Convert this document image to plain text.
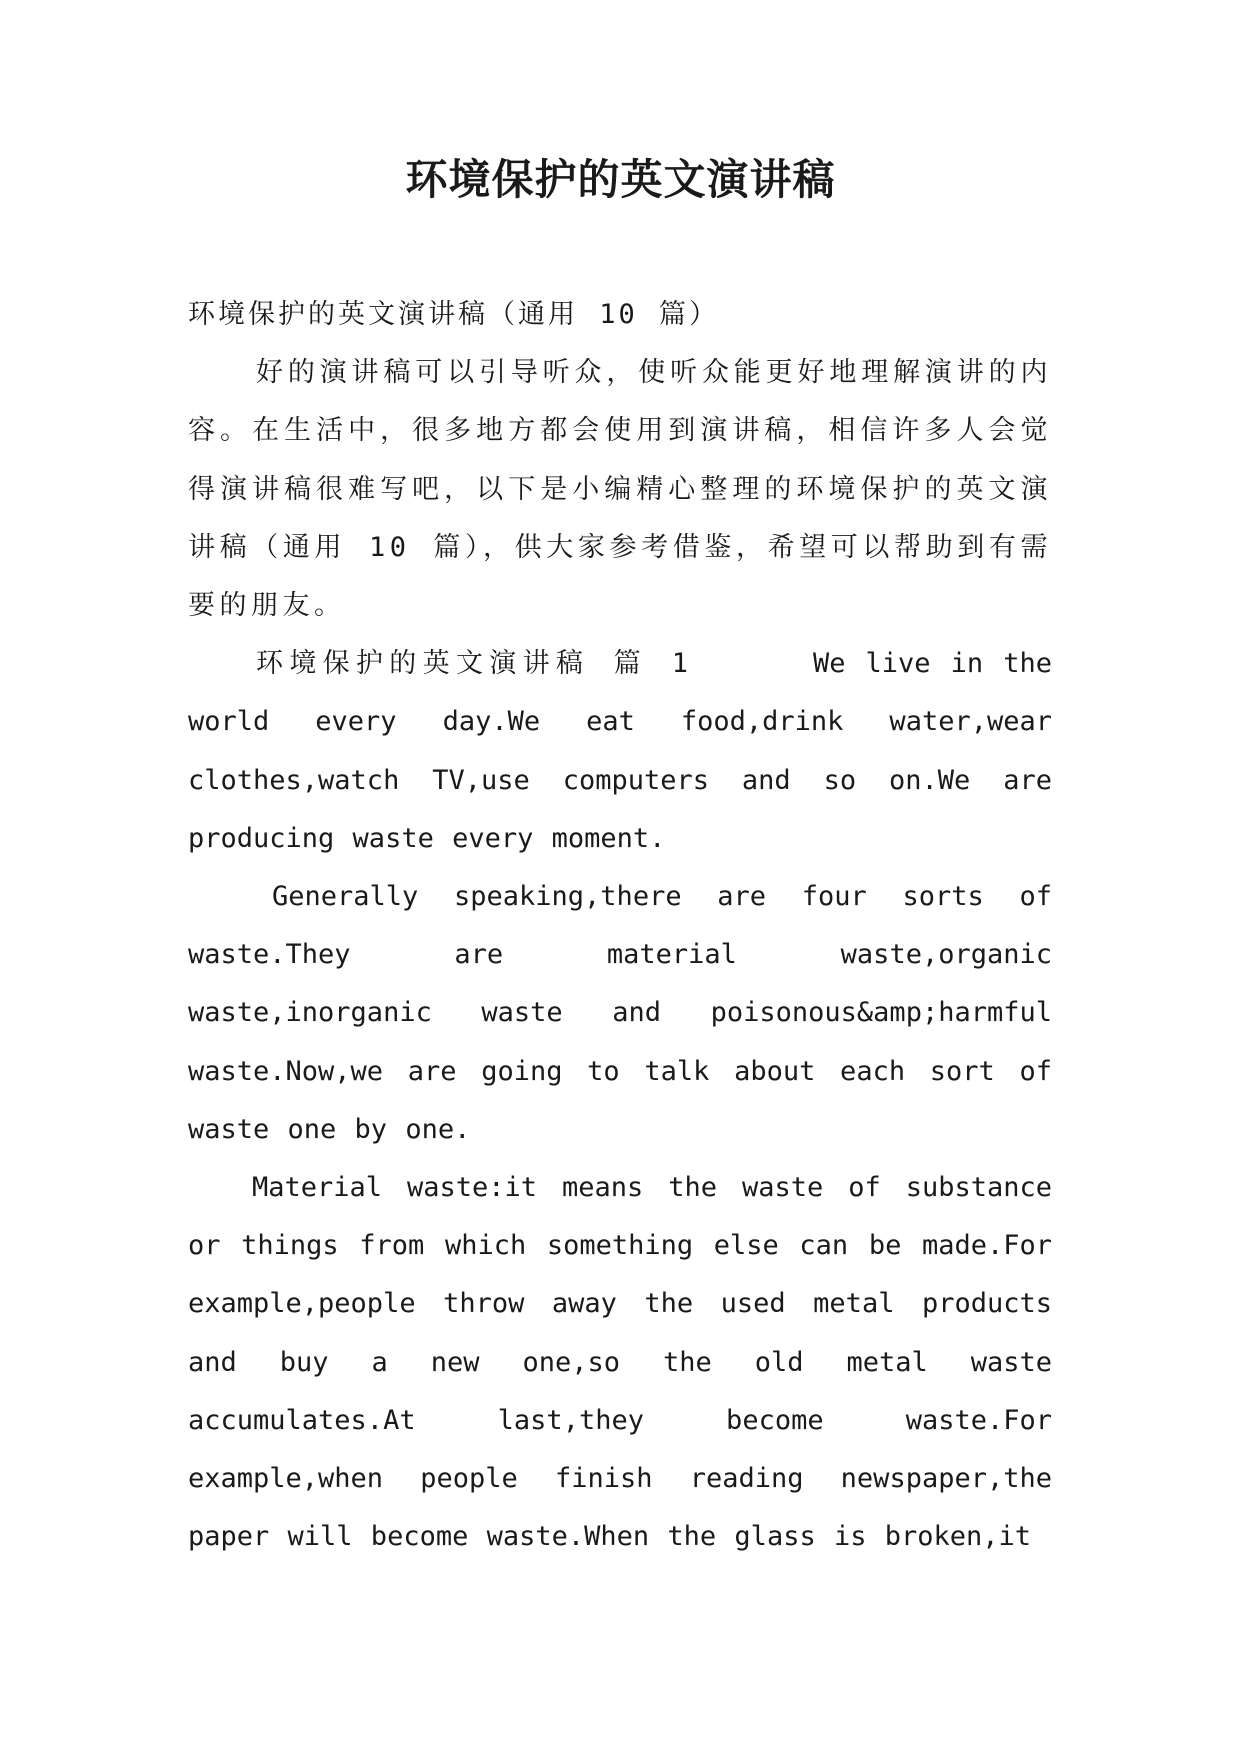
环境保护的英文演讲稿

环境保护的英文演讲稿（通用 10 篇）

好的演讲稿可以引导听众，使听众能更好地理解演讲的内容。在生活中，很多地方都会使用到演讲稿，相信许多人会觉得演讲稿很难写吧，以下是小编精心整理的环境保护的英文演讲稿（通用 10 篇），供大家参考借鉴，希望可以帮助到有需要的朋友。

环境保护的英文演讲稿 篇 1	We live in the world every day.We eat food,drink water,wear clothes,watch TV,use computers and so on.We are producing waste every moment.

Generally speaking,there are four sorts of waste.They are material waste,organic waste,inorganic waste and poisonous&amp;harmful waste.Now,we are going to talk about each sort of waste one by one.

Material waste:it means the waste of substance or things from which something else can be made.For example,people throw away the used metal products and buy a new one,so the old metal waste accumulates.At last,they become waste.For example,when people finish reading newspaper,the paper will become waste.When the glass is broken,it
